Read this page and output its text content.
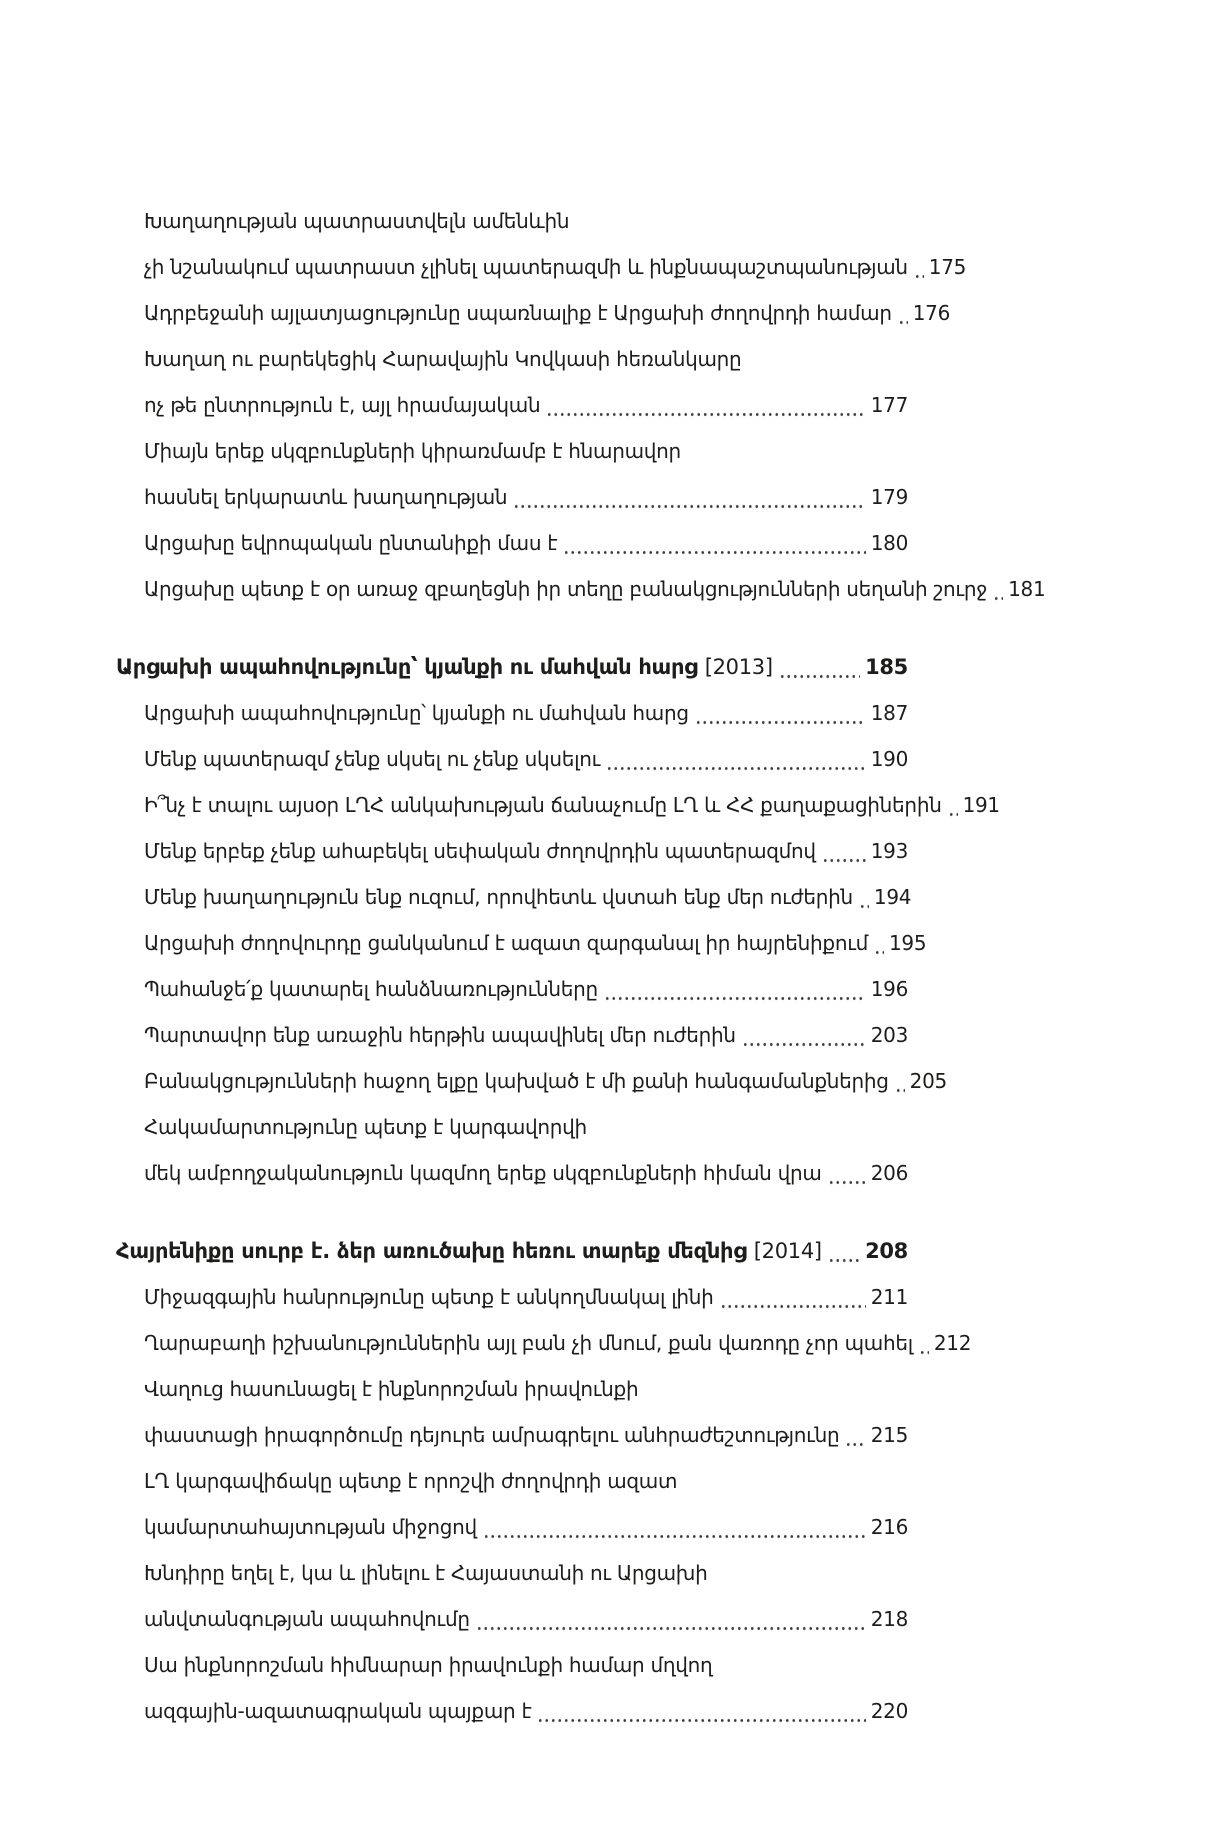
Խաղաղության պատրաստվելն ամենևին
չի նշանակում պատրաստ չլինել պատերազմի և ինքնապաշտպանության 175
Ադրբեջանի այլատյացությունը սպառնալիք է Արցախի ժողովրդի համար 176
Խաղաղ ու բարեկեցիկ Հարավային Կովկասի հեռանկարը
ոչ թե ընտրություն է, այլ հրամայական	177
Միայն երեք սկզբունքների կիրառմամբ է հնարավոր
հասնել երկարատև խաղաղության	179
Արցախը եվրոպական ընտանիքի մաս է	180
Արցախը պետք է օր առաջ զբաղեցնի իր տեղը բանակցությունների սեղանի շուրջ 181
Արցախի ապահովությունը՝ կյանքի ու մահվան հարց [2013]	185
Արցախի ապահովությունը՝ կյանքի ու մահվան հարց	187
Մենք պատերազմ չենք սկսել ու չենք սկսելու	190
Ի՞նչ է տալու այսօր ԼՂՀ անկախության ճանաչումը ԼՂ և ՀՀ քաղաքացիներին 191
Մենք երբեք չենք ահաբեկել սեփական ժողովրդին պատերազմով	193
Մենք խաղաղություն ենք ուզում, որովհետև վստահ ենք մեր ուժերին 194
Արցախի ժողովուրդը ցանկանում է ազատ զարգանալ իր հայրենիքում 195
Պահանջե՛ք կատարել հանձնառությունները	196
Պարտավոր ենք առաջին հերթին ապավինել մեր ուժերին	203
Բանակցությունների հաջող ելքը կախված է մի քանի հանգամանքներից 205
Հակամարտությունը պետք է կարգավորվի
մեկ ամբողջականություն կազմող երեք սկզբունքների հիման վրա 206
Հայրենիքը սուրբ է. ձեր առուծախը հեռու տարեք մեզնից [2014] 208
Միջազգային հանրությունը պետք է անկողմնակալ լինի	211
Ղարաբաղի իշխանություններին այլ բան չի մնում, քան վառոդը չոր պահել 212
Վաղուց հասունացել է ինքնորոշման իրավունքի
փաստացի իրագործումը դեյուրե ամրագրելու անհրաժեշտությունը 215
ԼՂ կարգավիճակը պետք է որոշվի ժողովրդի ազատ
կամարտահայտության միջոցով	216
Խնդիրը եղել է, կա և լինելու է Հայաստանի ու Արցախի
անվտանգության ապահովումը	218
Սա ինքնորոշման հիմնարար իրավունքի համար մղվող
ազգային-ազատագրական պայքար է	220
